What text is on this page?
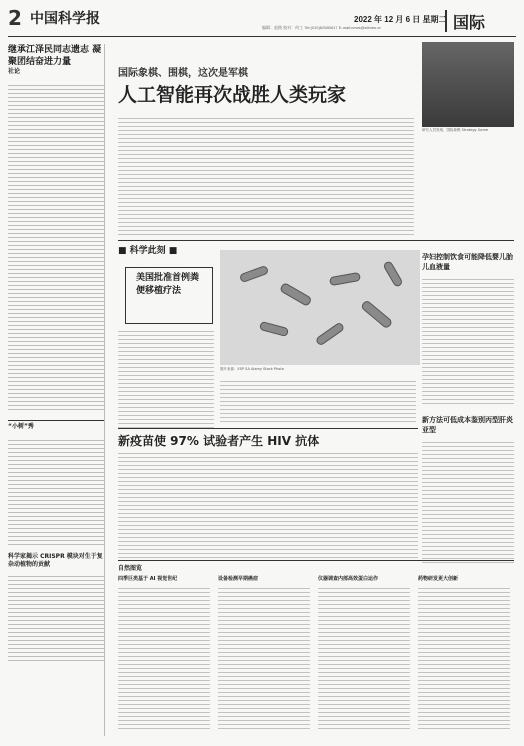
2 中国科学报	2022 年 12 月 6 日 星期二
编辑：赵路 校对：何工 Tel:(010)62580617 E-mail:news@stimes.cn	国际
继承江泽民同志遗志 凝聚团结奋进力量
社论
“小树”秀
科学家揭示 CRISPR 模块对生于复杂动植物的贡献
国际象棋、围棋，这次是军棋
人工智能再次战胜人类玩家
研究人员发现，国际象棋 Strategy Game
■ 科学此刻 ■
美国批准首例粪便移植疗法
图片来源：ESP SA Alamy Stock Photo
孕妇控制饮食可能降低婴儿胎儿血液量
新方法可低成本鉴别丙型肝炎亚型
新疫苗使 97% 试验者产生 HIV 抗体
自然图览
四季巨类基于 AI 视觉世纪	设备检测早期癌症	仪器调查内部高效蛋白运作	药物研发更大创新
